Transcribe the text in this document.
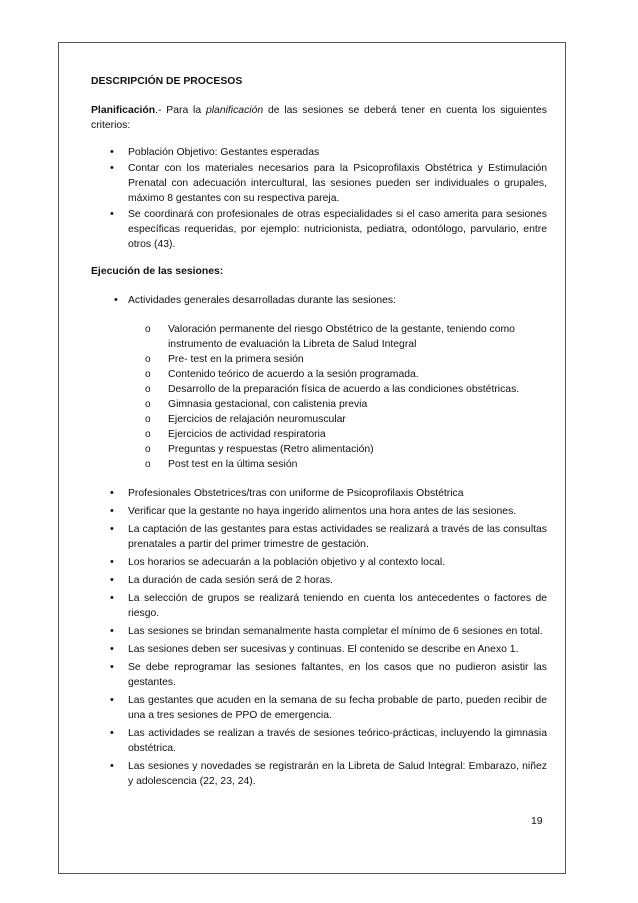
DESCRIPCIÓN DE PROCESOS

Planificación.- Para la planificación de las sesiones se deberá tener en cuenta los siguientes criterios:

• Población Objetivo: Gestantes esperadas
• Contar con los materiales necesarios para la Psicoprofilaxis Obstétrica y Estimulación Prenatal con adecuación intercultural, las sesiones pueden ser individuales o grupales, máximo 8 gestantes con su respectiva pareja.
• Se coordinará con profesionales de otras especialidades si el caso amerita para sesiones específicas requeridas, por ejemplo: nutricionista, pediatra, odontólogo, parvulario, entre otros (43).
Ejecución de las sesiones:
• Actividades generales desarrolladas durante las sesiones:
o Valoración permanente del riesgo Obstétrico de la gestante, teniendo como instrumento de evaluación la Libreta de Salud Integral
o Pre- test en la primera sesión
o Contenido teórico de acuerdo a la sesión programada.
o Desarrollo de la preparación física de acuerdo a las condiciones obstétricas.
o Gimnasia gestacional, con calistenia previa
o Ejercicios de relajación neuromuscular
o Ejercicios de actividad respiratoria
o Preguntas y respuestas (Retro alimentación)
o Post test en la última sesión
• Profesionales Obstetrices/tras con uniforme de Psicoprofilaxis Obstétrica
• Verificar que la gestante no haya ingerido alimentos una hora antes de las sesiones.
• La captación de las gestantes para estas actividades se realizará a través de las consultas prenatales a partir del primer trimestre de gestación.
• Los horarios se adecuarán a la población objetivo y al contexto local.
• La duración de cada sesión será de 2 horas.
• La selección de grupos se realizará teniendo en cuenta los antecedentes o factores de riesgo.
• Las sesiones se brindan semanalmente hasta completar el mínimo de 6 sesiones en total.
• Las sesiones deben ser sucesivas y continuas. El contenido se describe en Anexo 1.
• Se debe reprogramar las sesiones faltantes, en los casos que no pudieron asistir las gestantes.
• Las gestantes que acuden en la semana de su fecha probable de parto, pueden recibir de una a tres sesiones de PPO de emergencia.
• Las actividades se realizan a través de sesiones teórico-prácticas, incluyendo la gimnasia obstétrica.
• Las sesiones y novedades se registrarán en la Libreta de Salud Integral: Embarazo, niñez y adolescencia (22, 23, 24).
19
